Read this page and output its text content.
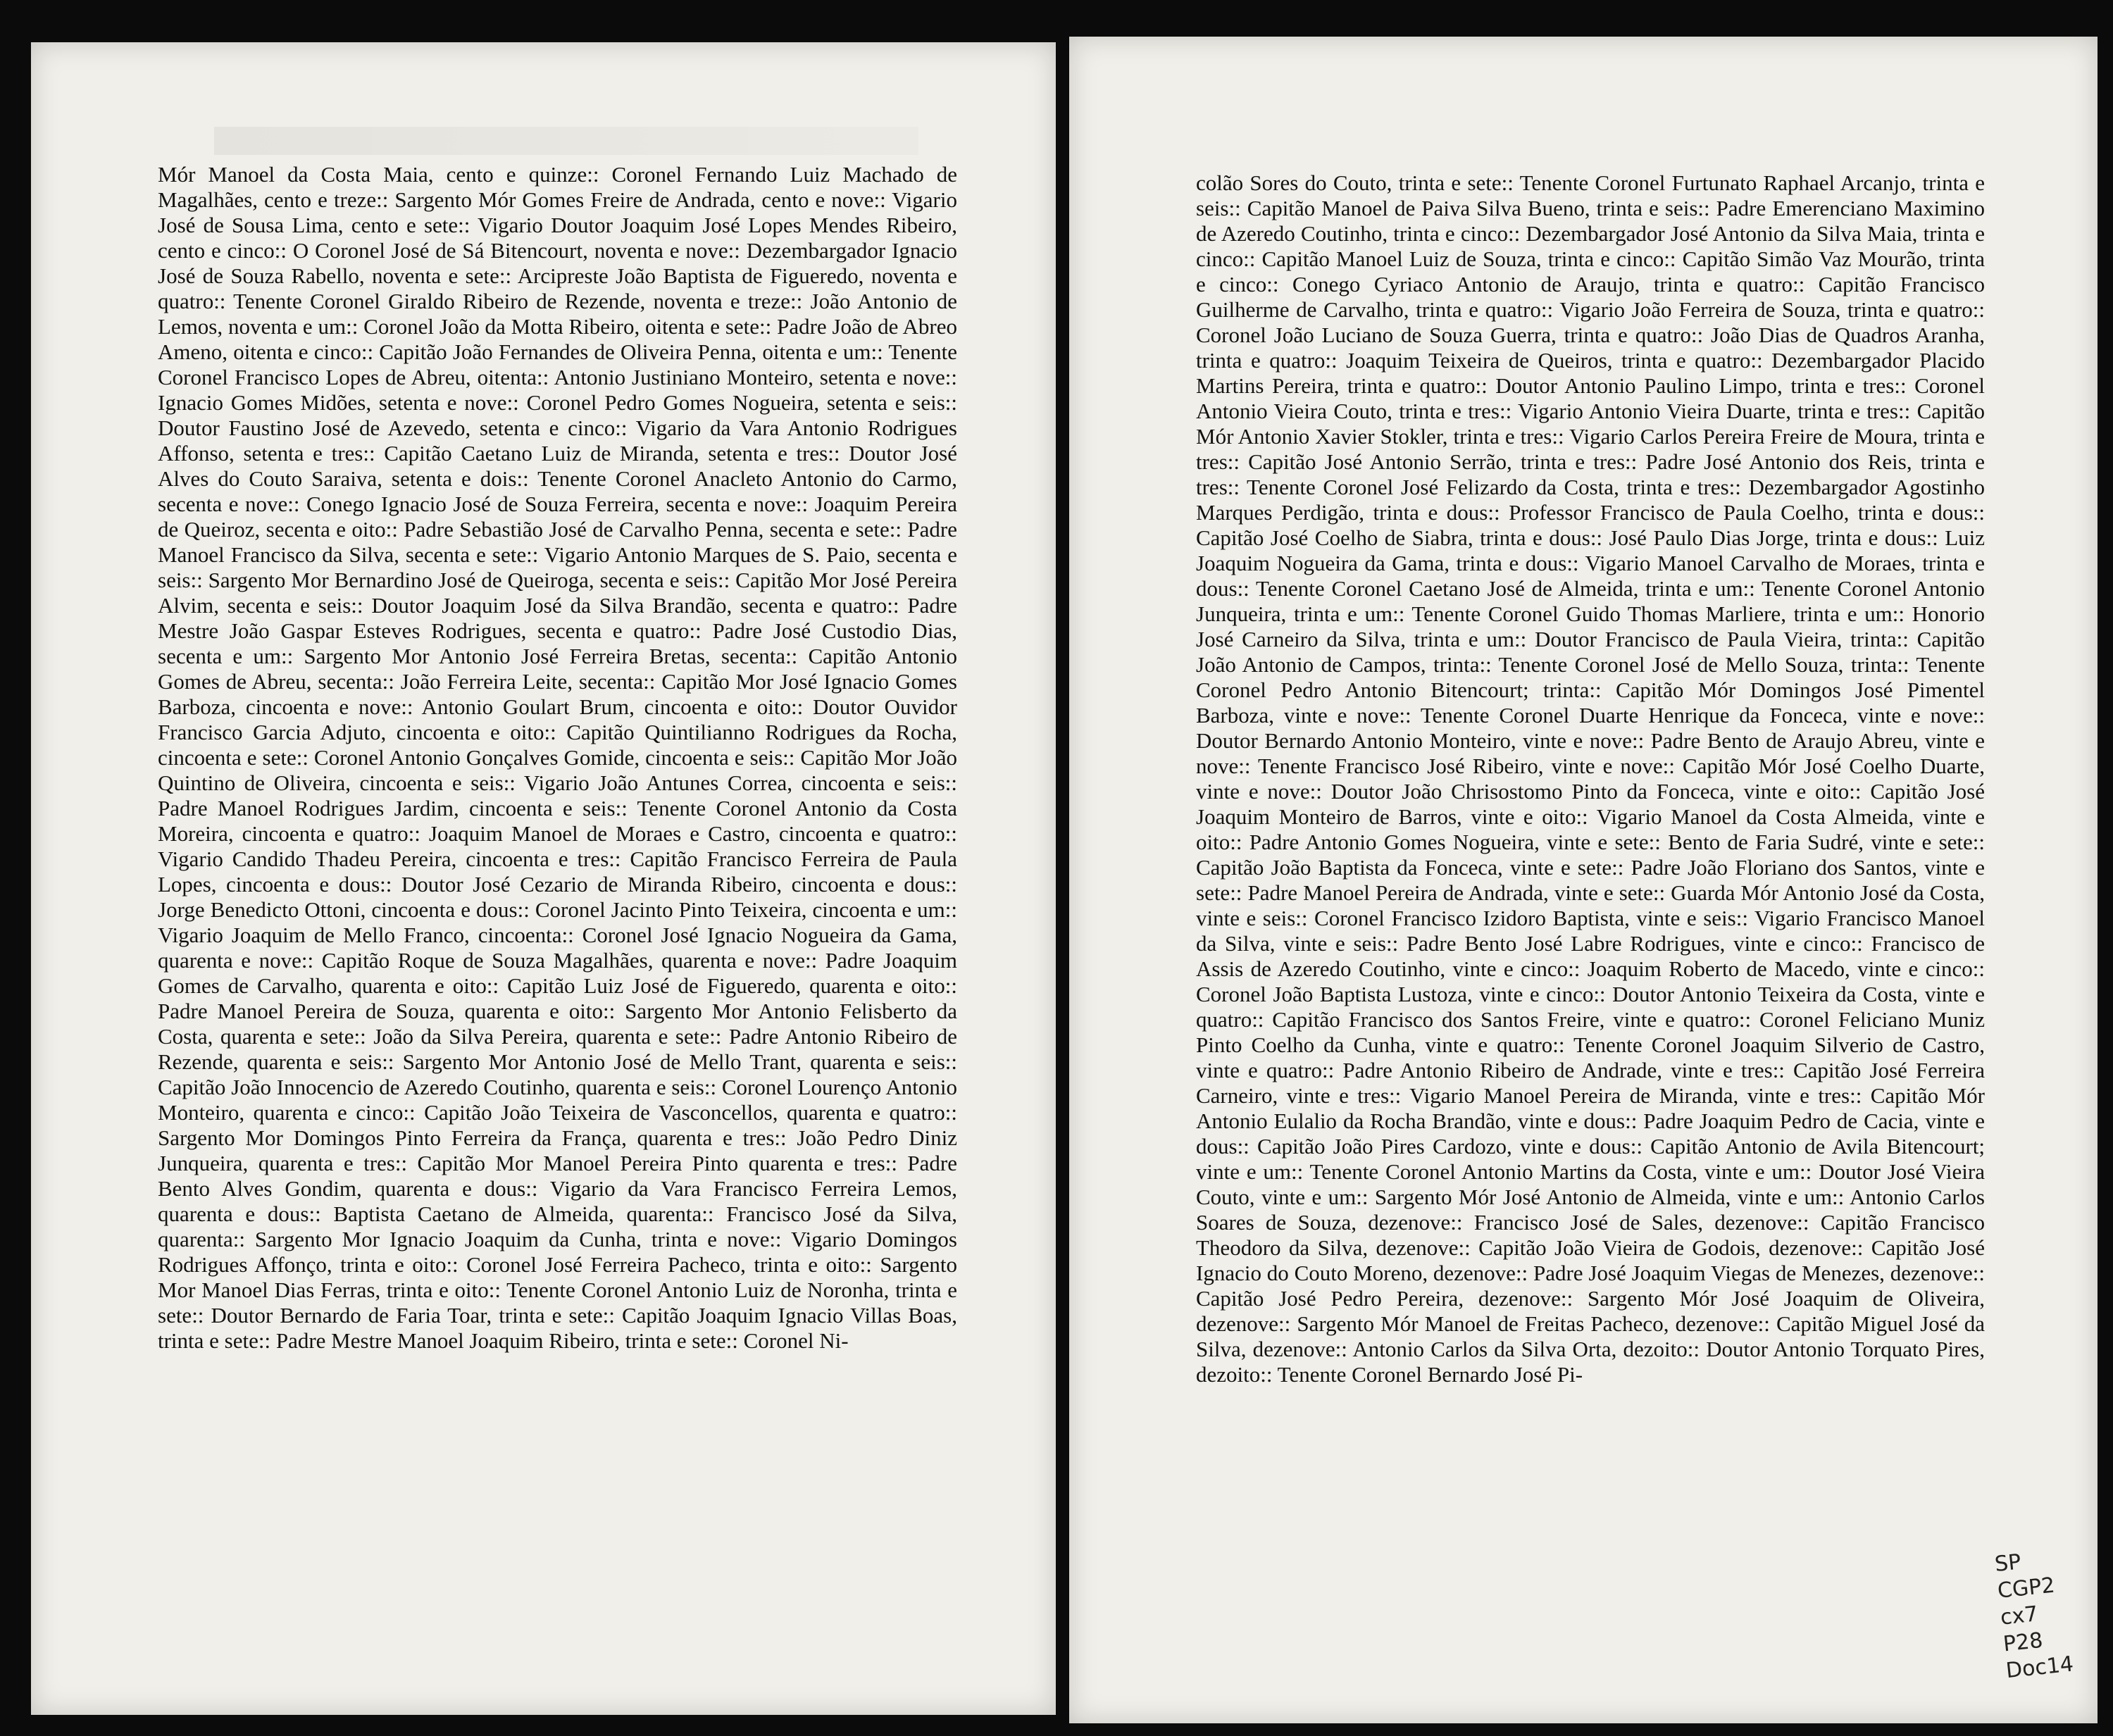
Mór Manoel da Costa Maia, cento e quinze:: Coronel Fernando Luiz Machado de Magalhães, cento e treze:: Sargento Mór Gomes Freire de Andrada, cento e nove:: Vigario José de Sousa Lima, cento e sete:: Vigario Doutor Joaquim José Lopes Mendes Ribeiro, cento e cinco:: O Coronel José de Sá Bitencourt, noventa e nove:: Dezembargador Ignacio José de Souza Rabello, noventa e sete:: Arcipreste João Baptista de Figueredo, noventa e quatro:: Tenente Coronel Giraldo Ribeiro de Rezende, noventa e treze:: João Antonio de Lemos, noventa e um:: Coronel João da Motta Ribeiro, oitenta e sete:: Padre João de Abreo Ameno, oitenta e cinco:: Capitão João Fernandes de Oliveira Penna, oitenta e um:: Tenente Coronel Francisco Lopes de Abreu, oitenta:: Antonio Justiniano Monteiro, setenta e nove:: Ignacio Gomes Midões, setenta e nove:: Coronel Pedro Gomes Nogueira, setenta e seis:: Doutor Faustino José de Azevedo, setenta e cinco:: Vigario da Vara Antonio Rodrigues Affonso, setenta e tres:: Capitão Caetano Luiz de Miranda, setenta e tres:: Doutor José Alves do Couto Saraiva, setenta e dois:: Tenente Coronel Anacleto Antonio do Carmo, secenta e nove:: Conego Ignacio José de Souza Ferreira, secenta e nove:: Joaquim Pereira de Queiroz, secenta e oito:: Padre Sebastião José de Carvalho Penna, secenta e sete:: Padre Manoel Francisco da Silva, secenta e sete:: Vigario Antonio Marques de S. Paio, secenta e seis:: Sargento Mor Bernardino José de Queiroga, secenta e seis:: Capitão Mor José Pereira Alvim, secenta e seis:: Doutor Joaquim José da Silva Brandão, secenta e quatro:: Padre Mestre João Gaspar Esteves Rodrigues, secenta e quatro:: Padre José Custodio Dias, secenta e um:: Sargento Mor Antonio José Ferreira Bretas, secenta:: Capitão Antonio Gomes de Abreu, secenta:: João Ferreira Leite, secenta:: Capitão Mor José Ignacio Gomes Barboza, cincoenta e nove:: Antonio Goulart Brum, cincoenta e oito:: Doutor Ouvidor Francisco Garcia Adjuto, cincoenta e oito:: Capitão Quintilianno Rodrigues da Rocha, cincoenta e sete:: Coronel Antonio Gonçalves Gomide, cincoenta e seis:: Capitão Mor João Quintino de Oliveira, cincoenta e seis:: Vigario João Antunes Correa, cincoenta e seis:: Padre Manoel Rodrigues Jardim, cincoenta e seis:: Tenente Coronel Antonio da Costa Moreira, cincoenta e quatro:: Joaquim Manoel de Moraes e Castro, cincoenta e quatro:: Vigario Candido Thadeu Pereira, cincoenta e tres:: Capitão Francisco Ferreira de Paula Lopes, cincoenta e dous:: Doutor José Cezario de Miranda Ribeiro, cincoenta e dous:: Jorge Benedicto Ottoni, cincoenta e dous:: Coronel Jacinto Pinto Teixeira, cincoenta e um:: Vigario Joaquim de Mello Franco, cincoenta:: Coronel José Ignacio Nogueira da Gama, quarenta e nove:: Capitão Roque de Souza Magalhães, quarenta e nove:: Padre Joaquim Gomes de Carvalho, quarenta e oito:: Capitão Luiz José de Figueredo, quarenta e oito:: Padre Manoel Pereira de Souza, quarenta e oito:: Sargento Mor Antonio Felisberto da Costa, quarenta e sete:: João da Silva Pereira, quarenta e sete:: Padre Antonio Ribeiro de Rezende, quarenta e seis:: Sargento Mor Antonio José de Mello Trant, quarenta e seis:: Capitão João Innocencio de Azeredo Coutinho, quarenta e seis:: Coronel Lourenço Antonio Monteiro, quarenta e cinco:: Capitão João Teixeira de Vasconcellos, quarenta e quatro:: Sargento Mor Domingos Pinto Ferreira da França, quarenta e tres:: João Pedro Diniz Junqueira, quarenta e tres:: Capitão Mor Manoel Pereira Pinto quarenta e tres:: Padre Bento Alves Gondim, quarenta e dous:: Vigario da Vara Francisco Ferreira Lemos, quarenta e dous:: Baptista Caetano de Almeida, quarenta:: Francisco José da Silva, quarenta:: Sargento Mor Ignacio Joaquim da Cunha, trinta e nove:: Vigario Domingos Rodrigues Affonço, trinta e oito:: Coronel José Ferreira Pacheco, trinta e oito:: Sargento Mor Manoel Dias Ferras, trinta e oito:: Tenente Coronel Antonio Luiz de Noronha, trinta e sete:: Doutor Bernardo de Faria Toar, trinta e sete:: Capitão Joaquim Ignacio Villas Boas, trinta e sete:: Padre Mestre Manoel Joaquim Ribeiro, trinta e sete:: Coronel Ni-
colão Sores do Couto, trinta e sete:: Tenente Coronel Furtunato Raphael Arcanjo, trinta e seis:: Capitão Manoel de Paiva Silva Bueno, trinta e seis:: Padre Emerenciano Maximino de Azeredo Coutinho, trinta e cinco:: Dezembargador José Antonio da Silva Maia, trinta e cinco:: Capitão Manoel Luiz de Souza, trinta e cinco:: Capitão Simão Vaz Mourão, trinta e cinco:: Conego Cyriaco Antonio de Araujo, trinta e quatro:: Capitão Francisco Guilherme de Carvalho, trinta e quatro:: Vigario João Ferreira de Souza, trinta e quatro:: Coronel João Luciano de Souza Guerra, trinta e quatro:: João Dias de Quadros Aranha, trinta e quatro:: Joaquim Teixeira de Queiros, trinta e quatro:: Dezembargador Placido Martins Pereira, trinta e quatro:: Doutor Antonio Paulino Limpo, trinta e tres:: Coronel Antonio Vieira Couto, trinta e tres:: Vigario Antonio Vieira Duarte, trinta e tres:: Capitão Mór Antonio Xavier Stokler, trinta e tres:: Vigario Carlos Pereira Freire de Moura, trinta e tres:: Capitão José Antonio Serrão, trinta e tres:: Padre José Antonio dos Reis, trinta e tres:: Tenente Coronel José Felizardo da Costa, trinta e tres:: Dezembargador Agostinho Marques Perdigão, trinta e dous:: Professor Francisco de Paula Coelho, trinta e dous:: Capitão José Coelho de Siabra, trinta e dous:: José Paulo Dias Jorge, trinta e dous:: Luiz Joaquim Nogueira da Gama, trinta e dous:: Vigario Manoel Carvalho de Moraes, trinta e dous:: Tenente Coronel Caetano José de Almeida, trinta e um:: Tenente Coronel Antonio Junqueira, trinta e um:: Tenente Coronel Guido Thomas Marliere, trinta e um:: Honorio José Carneiro da Silva, trinta e um:: Doutor Francisco de Paula Vieira, trinta:: Capitão João Antonio de Campos, trinta:: Tenente Coronel José de Mello Souza, trinta:: Tenente Coronel Pedro Antonio Bitencourt; trinta:: Capitão Mór Domingos José Pimentel Barboza, vinte e nove:: Tenente Coronel Duarte Henrique da Fonceca, vinte e nove:: Doutor Bernardo Antonio Monteiro, vinte e nove:: Padre Bento de Araujo Abreu, vinte e nove:: Tenente Francisco José Ribeiro, vinte e nove:: Capitão Mór José Coelho Duarte, vinte e nove:: Doutor João Chrisostomo Pinto da Fonceca, vinte e oito:: Capitão José Joaquim Monteiro de Barros, vinte e oito:: Vigario Manoel da Costa Almeida, vinte e oito:: Padre Antonio Gomes Nogueira, vinte e sete:: Bento de Faria Sudré, vinte e sete:: Capitão João Baptista da Fonceca, vinte e sete:: Padre João Floriano dos Santos, vinte e sete:: Padre Manoel Pereira de Andrada, vinte e sete:: Guarda Mór Antonio José da Costa, vinte e seis:: Coronel Francisco Izidoro Baptista, vinte e seis:: Vigario Francisco Manoel da Silva, vinte e seis:: Padre Bento José Labre Rodrigues, vinte e cinco:: Francisco de Assis de Azeredo Coutinho, vinte e cinco:: Joaquim Roberto de Macedo, vinte e cinco:: Coronel João Baptista Lustoza, vinte e cinco:: Doutor Antonio Teixeira da Costa, vinte e quatro:: Capitão Francisco dos Santos Freire, vinte e quatro:: Coronel Feliciano Muniz Pinto Coelho da Cunha, vinte e quatro:: Tenente Coronel Joaquim Silverio de Castro, vinte e quatro:: Padre Antonio Ribeiro de Andrade, vinte e tres:: Capitão José Ferreira Carneiro, vinte e tres:: Vigario Manoel Pereira de Miranda, vinte e tres:: Capitão Mór Antonio Eulalio da Rocha Brandão, vinte e dous:: Padre Joaquim Pedro de Cacia, vinte e dous:: Capitão João Pires Cardozo, vinte e dous:: Capitão Antonio de Avila Bitencourt; vinte e um:: Tenente Coronel Antonio Martins da Costa, vinte e um:: Doutor José Vieira Couto, vinte e um:: Sargento Mór José Antonio de Almeida, vinte e um:: Antonio Carlos Soares de Souza, dezenove:: Francisco José de Sales, dezenove:: Capitão Francisco Theodoro da Silva, dezenove:: Capitão João Vieira de Godois, dezenove:: Capitão José Ignacio do Couto Moreno, dezenove:: Padre José Joaquim Viegas de Menezes, dezenove:: Capitão José Pedro Pereira, dezenove:: Sargento Mór José Joaquim de Oliveira, dezenove:: Sargento Mór Manoel de Freitas Pacheco, dezenove:: Capitão Miguel José da Silva, dezenove:: Antonio Carlos da Silva Orta, dezoito:: Doutor Antonio Torquato Pires, dezoito:: Tenente Coronel Bernardo José Pi-
SP
CGP2
cx7
P28
Doc14
